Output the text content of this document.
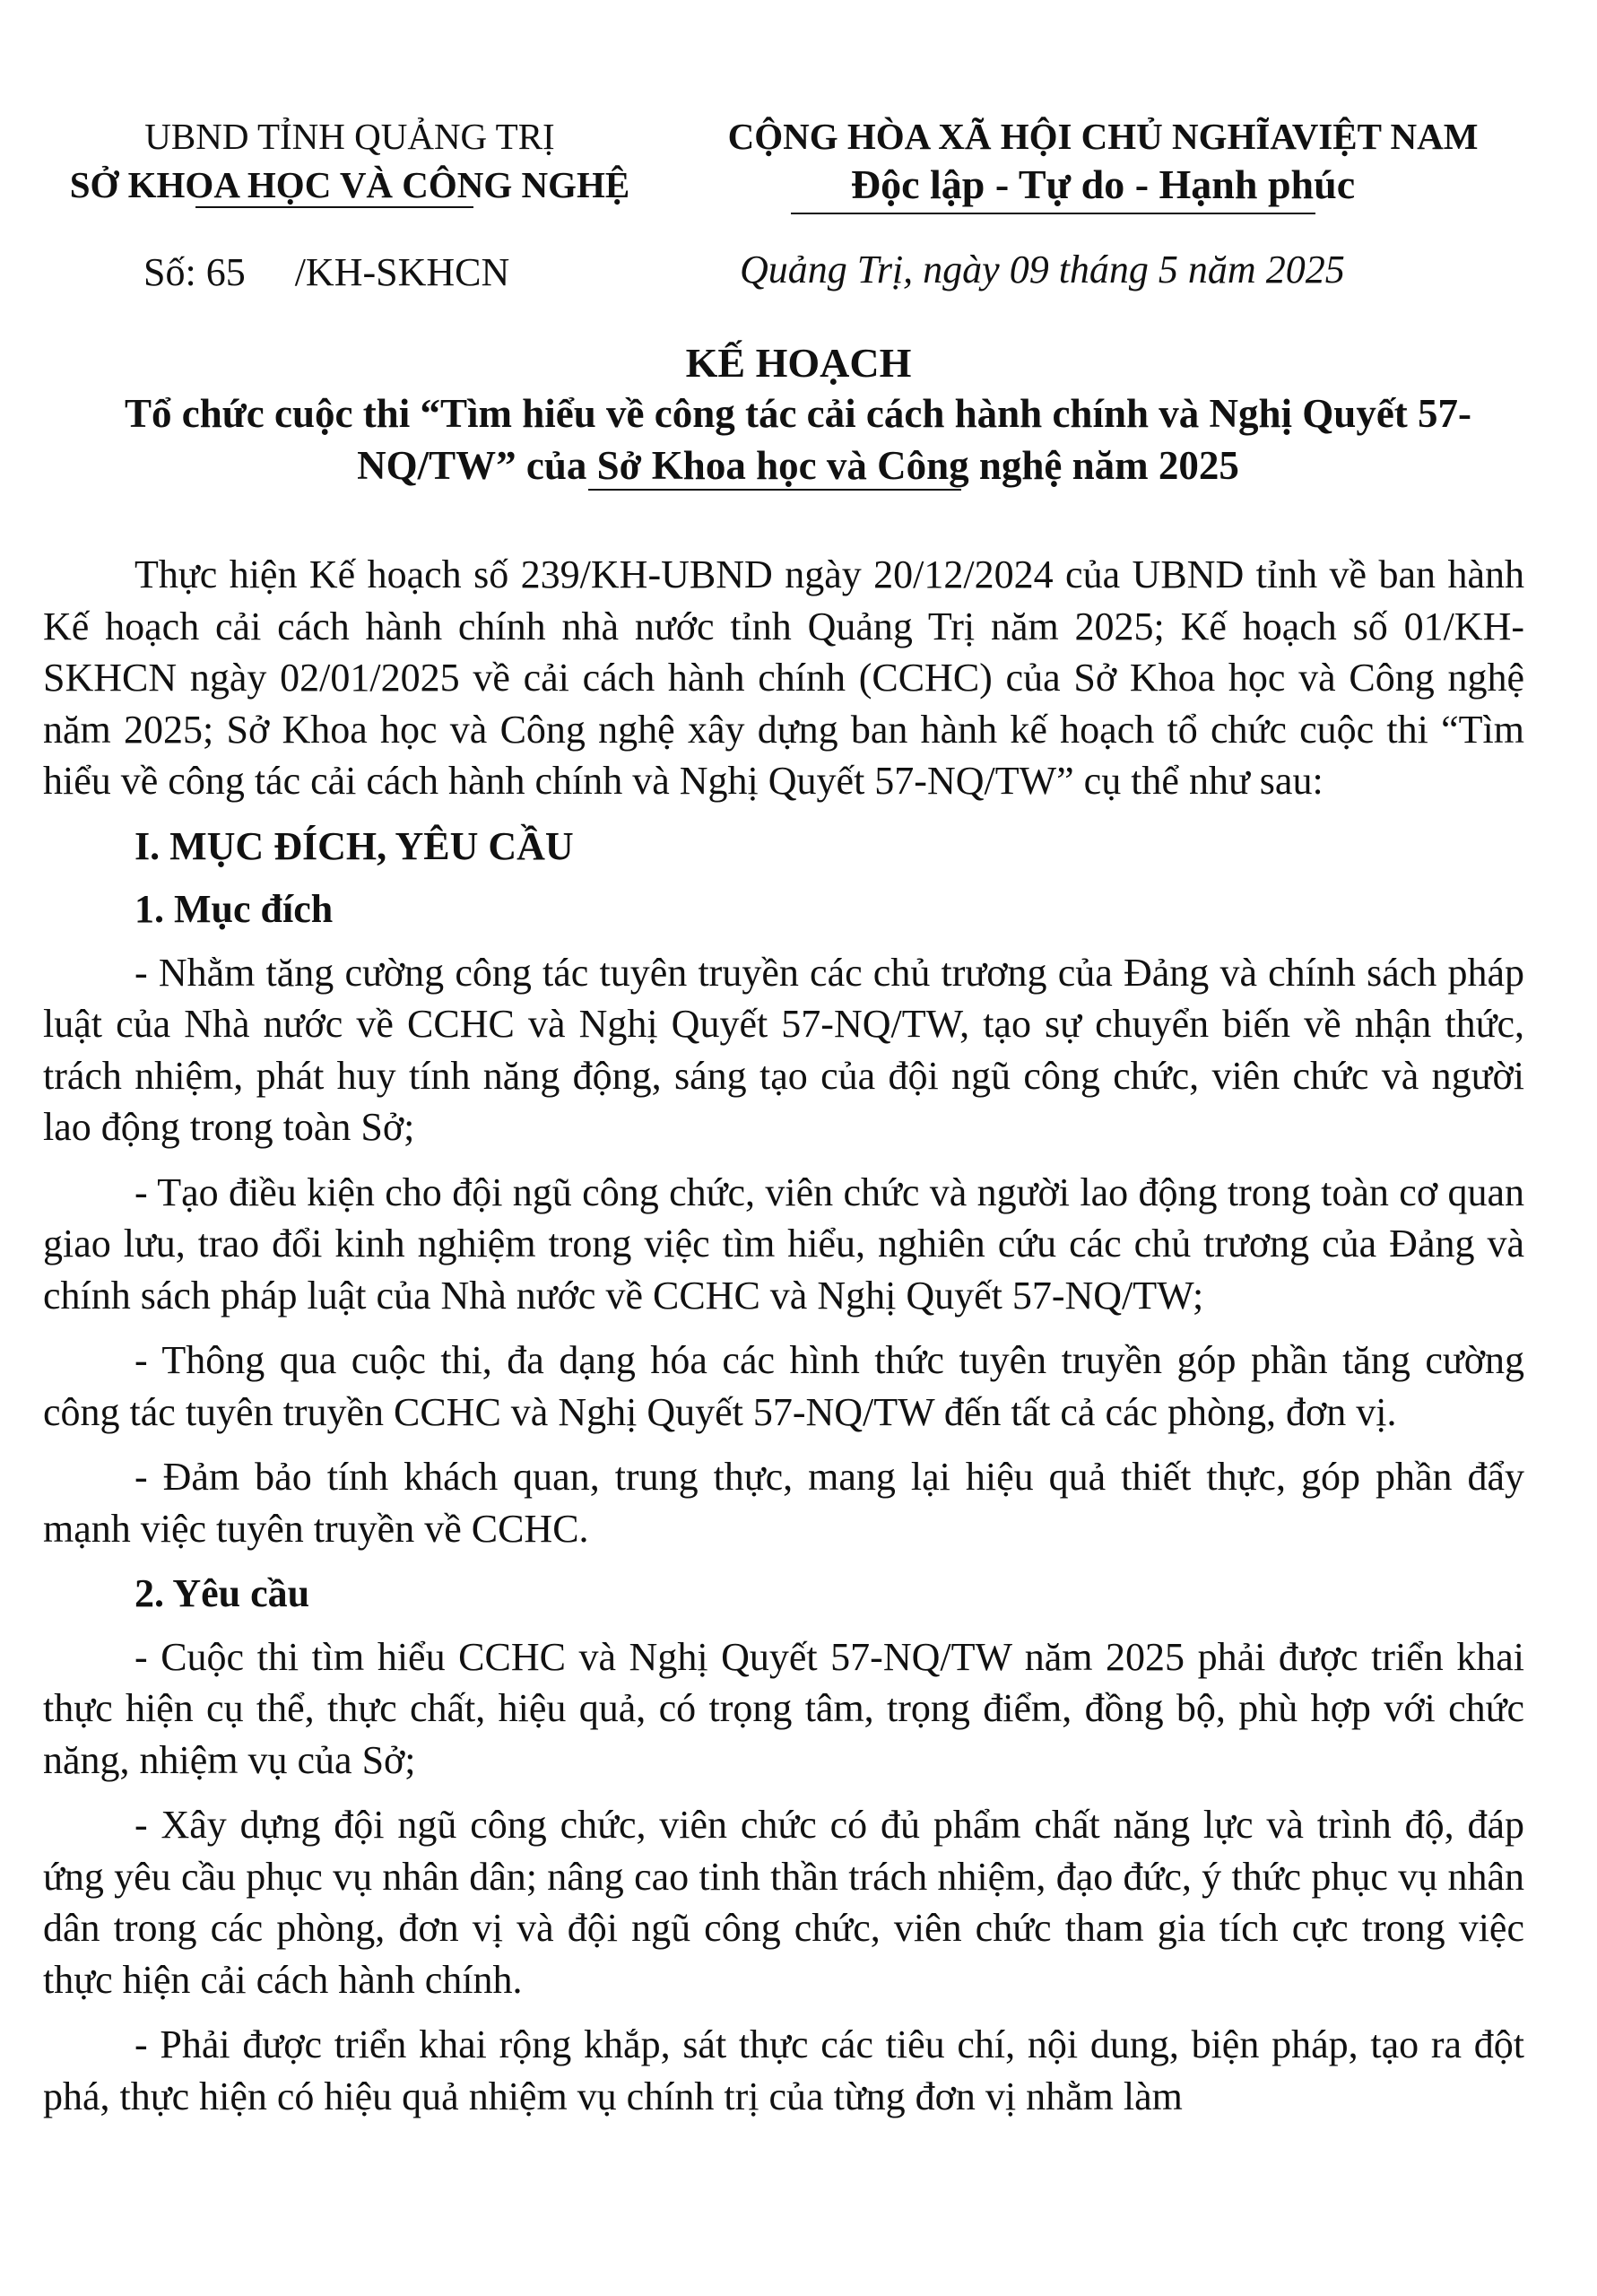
UBND TỈNH QUẢNG TRỊ
SỞ KHOA HỌC VÀ CÔNG NGHỆ
CỘNG HÒA XÃ HỘI CHỦ NGHĨAVIỆT NAM
Độc lập - Tự do - Hạnh phúc
Số: 65     /KH-SKHCN	Quảng Trị, ngày 09 tháng 5 năm 2025
KẾ HOẠCH
Tổ chức cuộc thi “Tìm hiểu về công tác cải cách hành chính và Nghị Quyết 57-
NQ/TW” của Sở Khoa học và Công nghệ năm 2025

Thực hiện Kế hoạch số 239/KH-UBND ngày 20/12/2024 của UBND tỉnh về ban hành Kế hoạch cải cách hành chính nhà nước tỉnh Quảng Trị năm 2025; Kế hoạch số 01/KH-SKHCN ngày 02/01/2025 về cải cách hành chính (CCHC) của Sở Khoa học và Công nghệ năm 2025; Sở Khoa học và Công nghệ xây dựng ban hành kế hoạch tổ chức cuộc thi “Tìm hiểu về công tác cải cách hành chính và Nghị Quyết 57-NQ/TW” cụ thể như sau:

I. MỤC ĐÍCH, YÊU CẦU

1. Mục đích

- Nhằm tăng cường công tác tuyên truyền các chủ trương của Đảng và chính sách pháp luật của Nhà nước về CCHC và Nghị Quyết 57-NQ/TW, tạo sự chuyển biến về nhận thức, trách nhiệm, phát huy tính năng động, sáng tạo của đội ngũ công chức, viên chức và người lao động trong toàn Sở;

- Tạo điều kiện cho đội ngũ công chức, viên chức và người lao động trong toàn cơ quan giao lưu, trao đổi kinh nghiệm trong việc tìm hiểu, nghiên cứu các chủ trương của Đảng và chính sách pháp luật của Nhà nước về CCHC và Nghị Quyết 57-NQ/TW;

- Thông qua cuộc thi, đa dạng hóa các hình thức tuyên truyền góp phần tăng cường công tác tuyên truyền CCHC và Nghị Quyết 57-NQ/TW đến tất cả các phòng, đơn vị.

- Đảm bảo tính khách quan, trung thực, mang lại hiệu quả thiết thực, góp phần đẩy mạnh việc tuyên truyền về CCHC.

2. Yêu cầu

- Cuộc thi tìm hiểu CCHC và Nghị Quyết 57-NQ/TW năm 2025 phải được triển khai thực hiện cụ thể, thực chất, hiệu quả, có trọng tâm, trọng điểm, đồng bộ, phù hợp với chức năng, nhiệm vụ của Sở;

- Xây dựng đội ngũ công chức, viên chức có đủ phẩm chất năng lực và trình độ, đáp ứng yêu cầu phục vụ nhân dân; nâng cao tinh thần trách nhiệm, đạo đức, ý thức phục vụ nhân dân trong các phòng, đơn vị và đội ngũ công chức, viên chức tham gia tích cực trong việc thực hiện cải cách hành chính.

- Phải được triển khai rộng khắp, sát thực các tiêu chí, nội dung, biện pháp, tạo ra đột phá, thực hiện có hiệu quả nhiệm vụ chính trị của từng đơn vị nhằm làm
